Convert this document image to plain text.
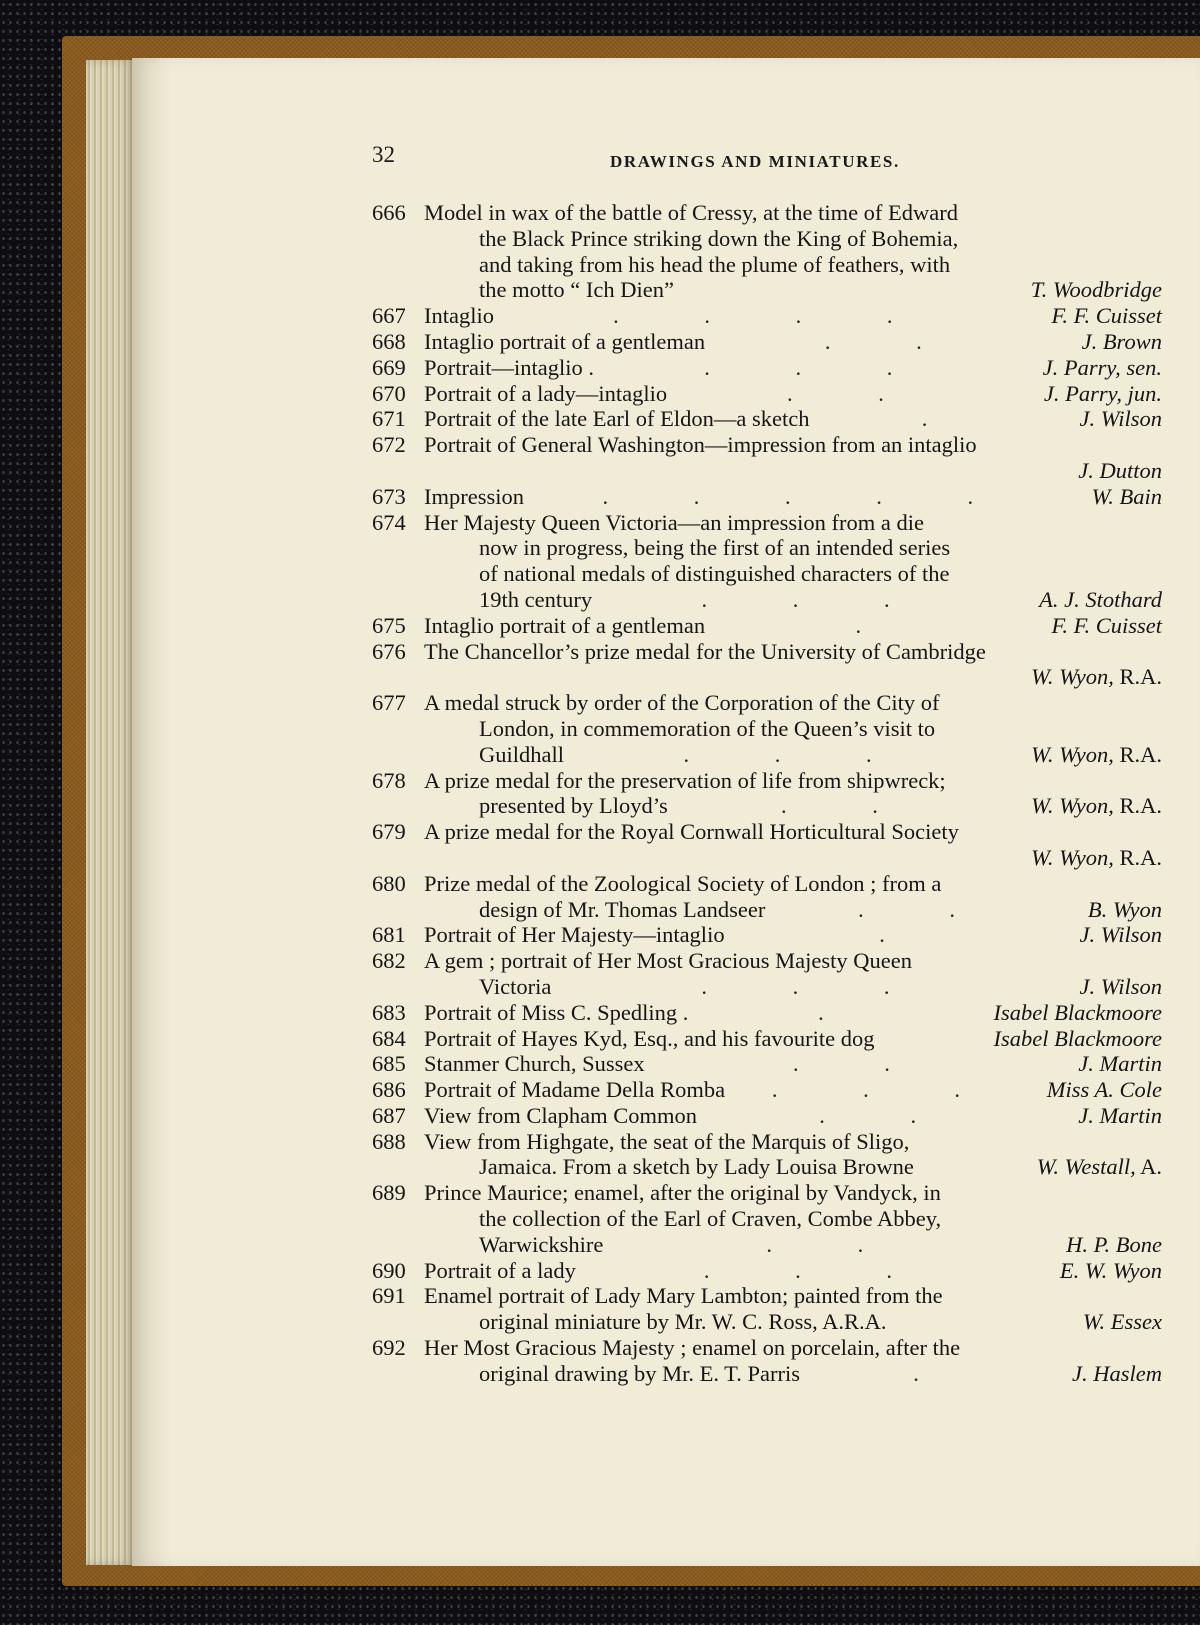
32	DRAWINGS AND MINIATURES.
666 Model in wax of the battle of Cressy, at the time of Edward
the Black Prince striking down the King of Bohemia,
and taking from his head the plume of feathers, with
the motto “ Ich Dien”	T. Woodbridge
667 Intaglio	. . . .	F. F. Cuisset
668 Intaglio portrait of a gentleman	. .	J. Brown
669 Portrait—intaglio .	. . .	J. Parry, sen.
670 Portrait of a lady—intaglio	. .	J. Parry, jun.
671 Portrait of the late Earl of Eldon—a sketch	.	J. Wilson
672 Portrait of General Washington—impression from an intaglio
J. Dutton
673 Impression	. . . . .	W. Bain
674 Her Majesty Queen Victoria—an impression from a die
now in progress, being the first of an intended series
of national medals of distinguished characters of the
19th century	. . .	A. J. Stothard
675 Intaglio portrait of a gentleman	.	F. F. Cuisset
676 The Chancellor’s prize medal for the University of Cambridge
W. Wyon, R.A.
677 A medal struck by order of the Corporation of the City of
London, in commemoration of the Queen’s visit to
Guildhall	. . .	W. Wyon, R.A.
678 A prize medal for the preservation of life from shipwreck;
presented by Lloyd’s	. .	W. Wyon, R.A.
679 A prize medal for the Royal Cornwall Horticultural Society
W. Wyon, R.A.
680 Prize medal of the Zoological Society of London ; from a
design of Mr. Thomas Landseer	. .	B. Wyon
681 Portrait of Her Majesty—intaglio	.	J. Wilson
682 A gem ; portrait of Her Most Gracious Majesty Queen
Victoria	. . .	J. Wilson
683 Portrait of Miss C. Spedling .	.	Isabel Blackmoore
684 Portrait of Hayes Kyd, Esq., and his favourite dog	Isabel Blackmoore
685 Stanmer Church, Sussex	. .	J. Martin
686 Portrait of Madame Della Romba	. . .	Miss A. Cole
687 View from Clapham Common	. .	J. Martin
688 View from Highgate, the seat of the Marquis of Sligo,
Jamaica. From a sketch by Lady Louisa Browne	W. Westall, A.
689 Prince Maurice; enamel, after the original by Vandyck, in
the collection of the Earl of Craven, Combe Abbey,
Warwickshire	. .	H. P. Bone
690 Portrait of a lady	. . .	E. W. Wyon
691 Enamel portrait of Lady Mary Lambton; painted from the
original miniature by Mr. W. C. Ross, A.R.A.	W. Essex
692 Her Most Gracious Majesty ; enamel on porcelain, after the
original drawing by Mr. E. T. Parris	.	J. Haslem
